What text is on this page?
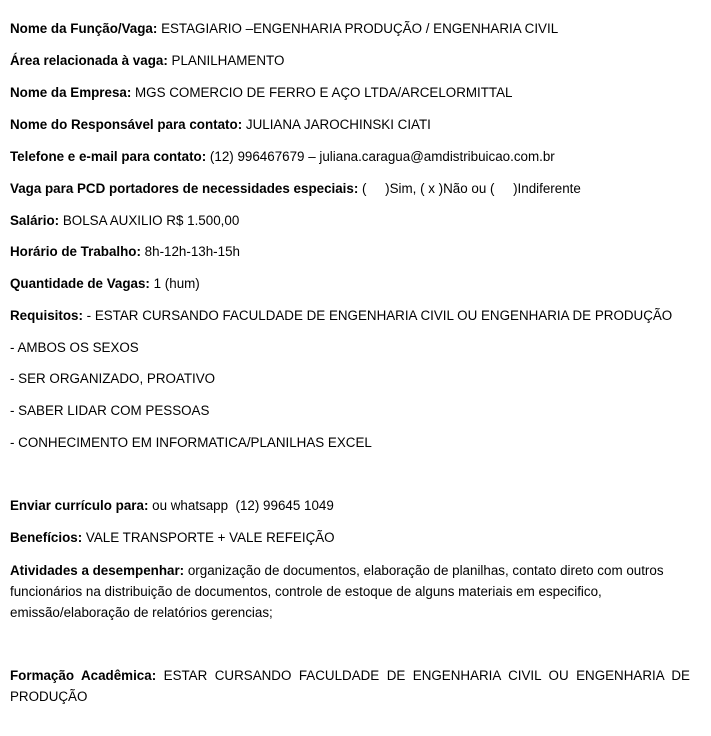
Nome da Função/Vaga: ESTAGIARIO –ENGENHARIA PRODUÇÃO / ENGENHARIA CIVIL
Área relacionada à vaga: PLANILHAMENTO
Nome da Empresa: MGS COMERCIO DE FERRO E AÇO LTDA/ARCELORMITTAL
Nome do Responsável para contato: JULIANA JAROCHINSKI CIATI
Telefone e e-mail para contato: (12) 996467679 – juliana.caragua@amdistribuicao.com.br
Vaga para PCD portadores de necessidades especiais: (     )Sim, ( x )Não ou (     )Indiferente
Salário: BOLSA AUXILIO R$ 1.500,00
Horário de Trabalho: 8h-12h-13h-15h
Quantidade de Vagas: 1 (hum)
Requisitos: - ESTAR CURSANDO FACULDADE DE ENGENHARIA CIVIL OU ENGENHARIA DE PRODUÇÃO
- AMBOS OS SEXOS
- SER ORGANIZADO, PROATIVO
- SABER LIDAR COM PESSOAS
- CONHECIMENTO EM INFORMATICA/PLANILHAS EXCEL
Enviar currículo para: ou whatsapp  (12) 99645 1049
Benefícios: VALE TRANSPORTE + VALE REFEIÇÃO
Atividades a desempenhar: organização de documentos, elaboração de planilhas, contato direto com outros funcionários na distribuição de documentos, controle de estoque de alguns materiais em especifico, emissão/elaboração de relatórios gerencias;
Formação Acadêmica: ESTAR CURSANDO FACULDADE DE ENGENHARIA CIVIL OU ENGENHARIA DE PRODUÇÃO
